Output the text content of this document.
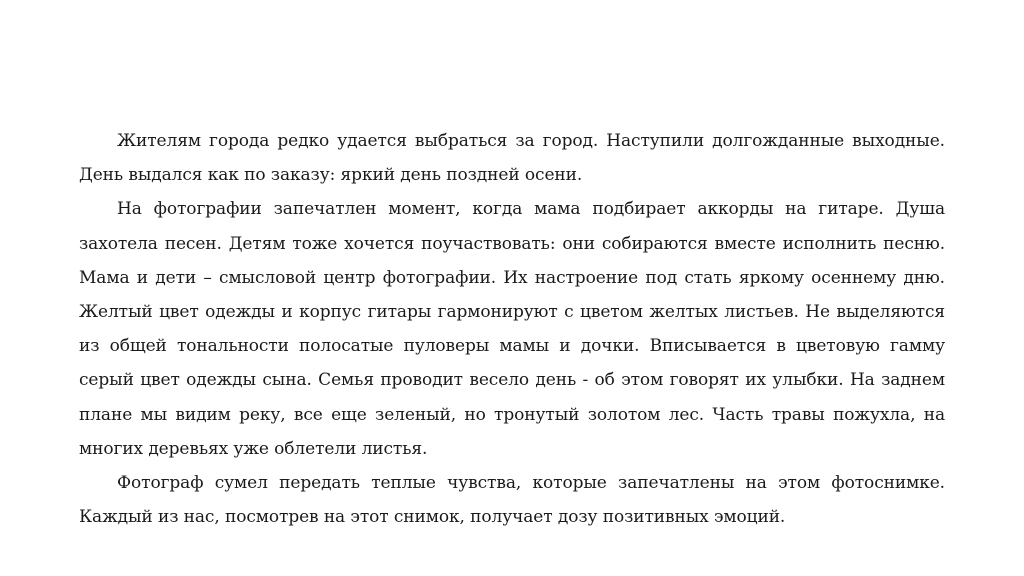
Жителям города редко удается выбраться за город. Наступили долгожданные выходные. День выдался как по заказу: яркий день поздней осени.

На фотографии запечатлен момент, когда мама подбирает аккорды на гитаре. Душа захотела песен. Детям тоже хочется поучаствовать: они собираются вместе исполнить песню. Мама и дети – смысловой центр фотографии. Их настроение под стать яркому осеннему дню. Желтый цвет одежды и корпус гитары гармонируют с цветом желтых листьев. Не выделяются из общей тональности полосатые пуловеры мамы и дочки. Вписывается в цветовую гамму серый цвет одежды сына. Семья проводит весело день - об этом говорят их улыбки. На заднем плане мы видим реку, все еще зеленый, но тронутый золотом лес. Часть травы пожухла, на многих деревьях уже облетели листья.

Фотограф сумел передать теплые чувства, которые запечатлены на этом фотоснимке. Каждый из нас, посмотрев на этот снимок, получает дозу позитивных эмоций.
